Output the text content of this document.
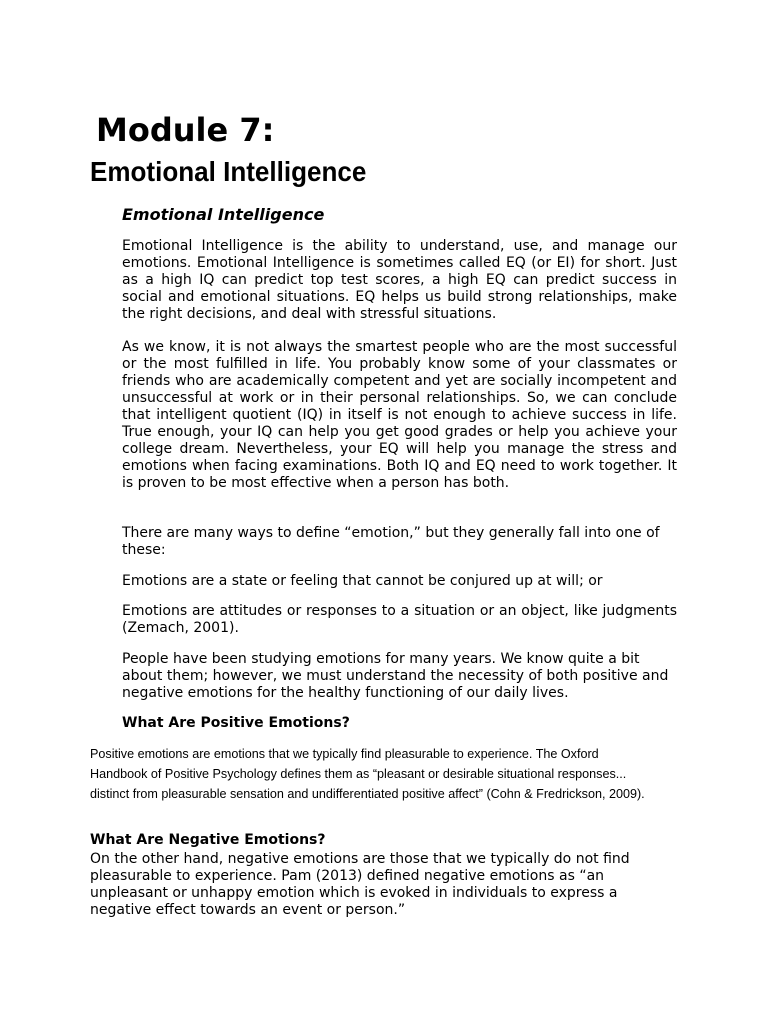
Module 7:
Emotional Intelligence
Emotional Intelligence

Emotional Intelligence is the ability to understand, use, and manage our emotions. Emotional Intelligence is sometimes called EQ (or EI) for short. Just as a high IQ can predict top test scores, a high EQ can predict success in social and emotional situations. EQ helps us build strong relationships, make the right decisions, and deal with stressful situations.

As we know, it is not always the smartest people who are the most successful or the most fulfilled in life. You probably know some of your classmates or friends who are academically competent and yet are socially incompetent and unsuccessful at work or in their personal relationships. So, we can conclude that intelligent quotient (IQ) in itself is not enough to achieve success in life. True enough, your IQ can help you get good grades or help you achieve your college dream. Nevertheless, your EQ will help you manage the stress and emotions when facing examinations. Both IQ and EQ need to work together. It is proven to be most effective when a person has both.

There are many ways to define “emotion,” but they generally fall into one of these:

Emotions are a state or feeling that cannot be conjured up at will; or

Emotions are attitudes or responses to a situation or an object, like judgments (Zemach, 2001).

People have been studying emotions for many years. We know quite a bit about them; however, we must understand the necessity of both positive and negative emotions for the healthy functioning of our daily lives.

What Are Positive Emotions?

Positive emotions are emotions that we typically find pleasurable to experience. The Oxford Handbook of Positive Psychology defines them as “pleasant or desirable situational responses... distinct from pleasurable sensation and undifferentiated positive affect” (Cohn & Fredrickson, 2009).

What Are Negative Emotions?

On the other hand, negative emotions are those that we typically do not find pleasurable to experience. Pam (2013) defined negative emotions as “an unpleasant or unhappy emotion which is evoked in individuals to express a negative effect towards an event or person.”
